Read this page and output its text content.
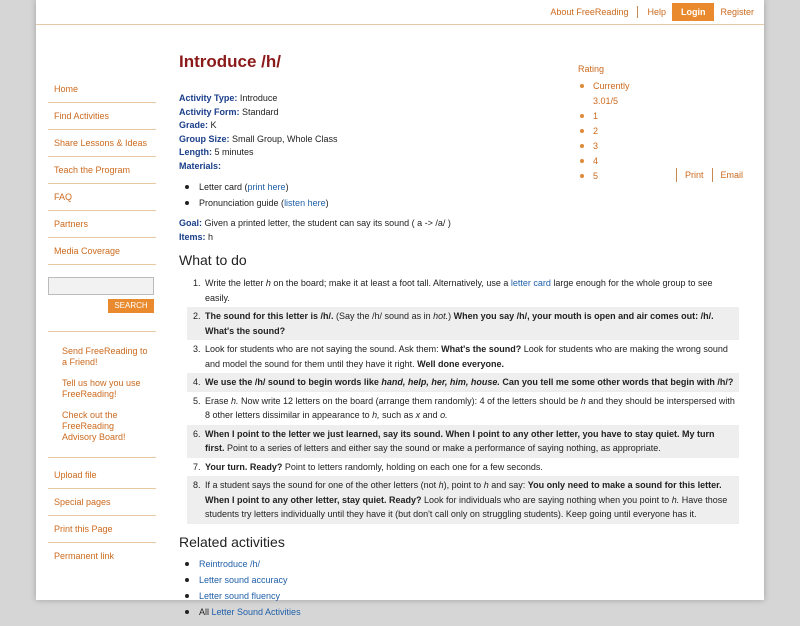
About FreeReading Help	Login	Register
Home
Find Activities
Share Lessons & Ideas
Teach the Program
FAQ
Partners
Media Coverage
SEARCH
Send FreeReading to a Friend!
Tell us how you use FreeReading!
Check out the FreeReading Advisory Board!
Upload file
Special pages
Print this Page
Permanent link
Introduce /h/
Activity Type: Introduce
Activity Form: Standard
Grade: K
Group Size: Small Group, Whole Class
Length: 5 minutes
Materials:
Letter card (print here)
Pronunciation guide (listen here)
Goal: Given a printed letter, the student can say its sound ( a -> /a/ )
Items: h
What to do
1. Write the letter h on the board; make it at least a foot tall. Alternatively, use a letter card large enough for the whole group to see easily.
2. The sound for this letter is /h/. (Say the /h/ sound as in hot.) When you say /h/, your mouth is open and air comes out: /h/. What's the sound?
3. Look for students who are not saying the sound. Ask them: What's the sound? Look for students who are making the wrong sound and model the sound for them until they have it right. Well done everyone.
4. We use the /h/ sound to begin words like hand, help, her, him, house. Can you tell me some other words that begin with /h/?
5. Erase h. Now write 12 letters on the board (arrange them randomly): 4 of the letters should be h and they should be interspersed with 8 other letters dissimilar in appearance to h, such as x and o.
6. When I point to the letter we just learned, say its sound. When I point to any other letter, you have to stay quiet. My turn first. Point to a series of letters and either say the sound or make a performance of saying nothing, as appropriate.
7. Your turn. Ready? Point to letters randomly, holding on each one for a few seconds.
8. If a student says the sound for one of the other letters (not h), point to h and say: You only need to make a sound for this letter. When I point to any other letter, stay quiet. Ready? Look for individuals who are saying nothing when you point to h. Have those students try letters individually until they have it (but don't call only on struggling students). Keep going until everyone has it.
Related activities
Reintroduce /h/
Letter sound accuracy
Letter sound fluency
All Letter Sound Activities
Rating
Currently
3.01/5
1
2
3
4
5	Print Email
